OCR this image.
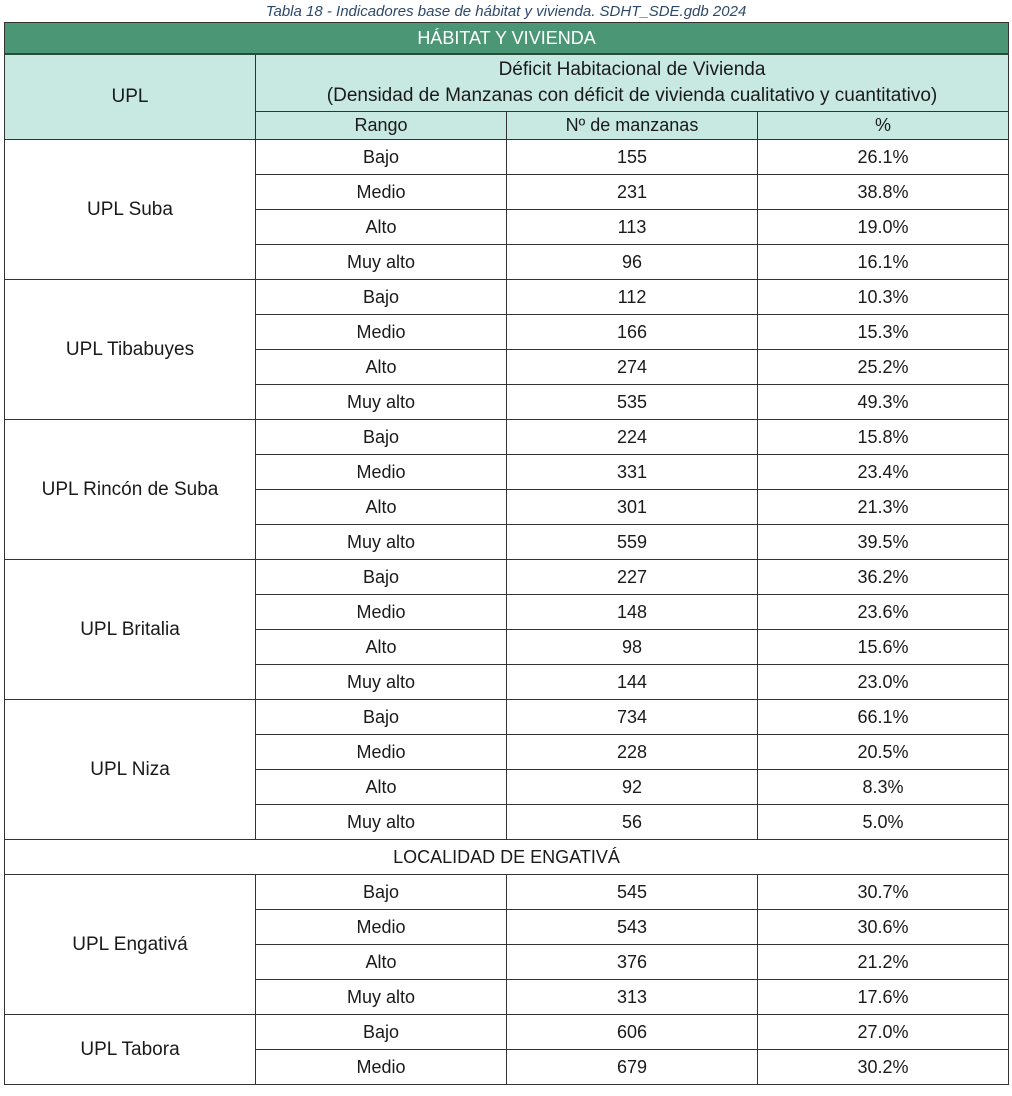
Tabla 18 - Indicadores base de hábitat y vivienda. SDHT_SDE.gdb 2024
HÁBITAT Y VIVIENDA			
UPL	Déficit Habitacional de Vivienda
(Densidad de Manzanas con déficit de vivienda cualitativo y cuantitativo)		

	Rango	Nº de manzanas	%
UPL Suba	Bajo	155	26.1%
	Medio	231	38.8%
	Alto	113	19.0%
	Muy alto	96	16.1%
UPL Tibabuyes	Bajo	112	10.3%
	Medio	166	15.3%
	Alto	274	25.2%
	Muy alto	535	49.3%
UPL Rincón de Suba	Bajo	224	15.8%
	Medio	331	23.4%
	Alto	301	21.3%
	Muy alto	559	39.5%
UPL Britalia	Bajo	227	36.2%
	Medio	148	23.6%
	Alto	98	15.6%
	Muy alto	144	23.0%
UPL Niza	Bajo	734	66.1%
	Medio	228	20.5%
	Alto	92	8.3%
	Muy alto	56	5.0%
LOCALIDAD DE ENGATIVÁ			
UPL Engativá	Bajo	545	30.7%
	Medio	543	30.6%
	Alto	376	21.2%
	Muy alto	313	17.6%
UPL Tabora	Bajo	606	27.0%
	Medio	679	30.2%
